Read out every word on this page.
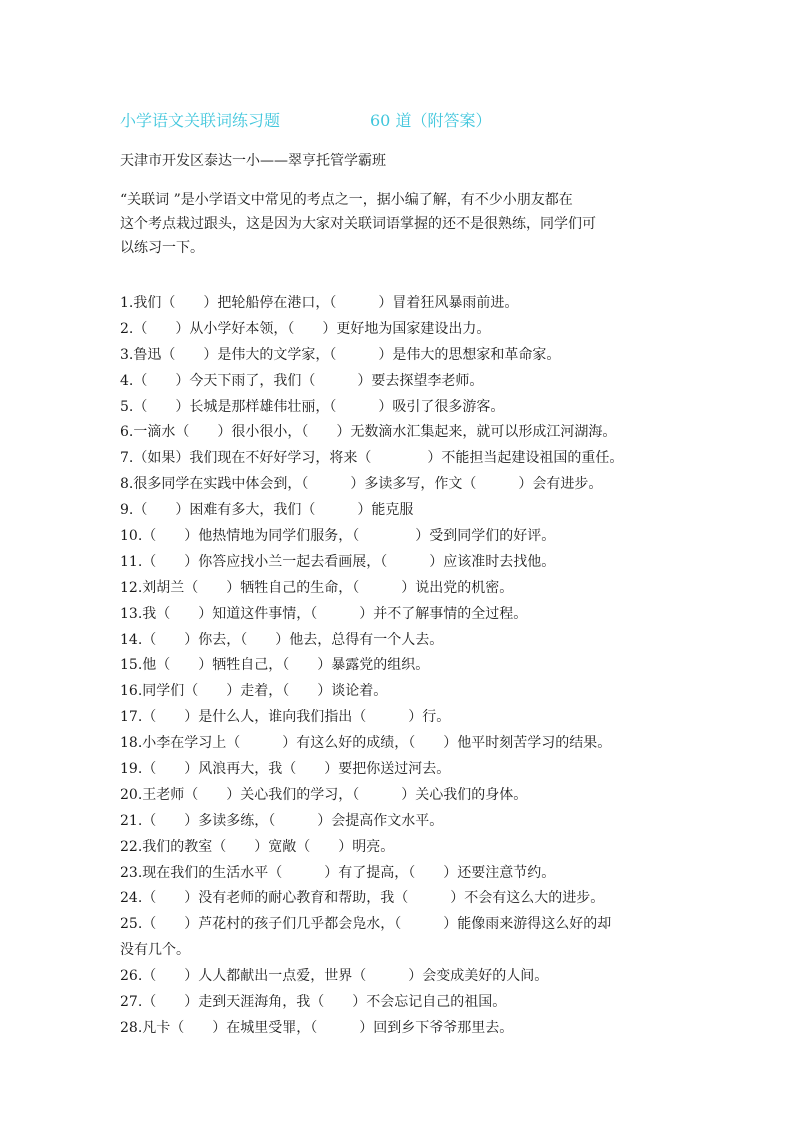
小学语文关联词练习题	60 道（附答案）
天津市开发区泰达一小——翠亨托管学霸班

“关联词 ”是小学语文中常见的考点之一，据小编了解，有不少小朋友都在

这个考点栽过跟头，这是因为大家对关联词语掌握的还不是很熟练，同学们可

以练习一下。

1.我们（　　）把轮船停在港口，（　　　）冒着狂风暴雨前进。
2.（　　）从小学好本领，（　　）更好地为国家建设出力。
3.鲁迅（　　）是伟大的文学家，（　　　）是伟大的思想家和革命家。
4.（　　）今天下雨了，我们（　　　）要去探望李老师。
5.（　　）长城是那样雄伟壮丽，（　　　）吸引了很多游客。
6.一滴水（　　）很小很小，（　　）无数滴水汇集起来，就可以形成江河湖海。
7.（如果）我们现在不好好学习，将来（　　　　）不能担当起建设祖国的重任。
8.很多同学在实践中体会到，（　　　）多读多写，作文（　　　）会有进步。
9.（　　）困难有多大，我们（　　　）能克服
10.（　　）他热情地为同学们服务，（　　　　）受到同学们的好评。
11.（　　）你答应找小兰一起去看画展，（　　　）应该准时去找他。
12.刘胡兰（　　）牺牲自己的生命，（　　　）说出党的机密。
13.我（　　）知道这件事情，（　　　）并不了解事情的全过程。
14.（　　）你去，（　　）他去，总得有一个人去。
15.他（　　）牺牲自己，（　　）暴露党的组织。
16.同学们（　　）走着，（　　）谈论着。
17.（　　）是什么人，谁向我们指出（　　　）行。
18.小李在学习上（　　　）有这么好的成绩，（　　）他平时刻苦学习的结果。
19.（　　）风浪再大，我（　　）要把你送过河去。
20.王老师（　　）关心我们的学习，（　　　）关心我们的身体。
21.（　　）多读多练，（　　　）会提高作文水平。
22.我们的教室（　　）宽敞（　　）明亮。
23.现在我们的生活水平（　　　）有了提高，（　　）还要注意节约。
24.（　　）没有老师的耐心教育和帮助，我（　　　）不会有这么大的进步。
25.（　　）芦花村的孩子们几乎都会凫水，（　　　）能像雨来游得这么好的却
没有几个。
26.（　　）人人都献出一点爱，世界（　　　）会变成美好的人间。
27.（　　）走到天涯海角，我（　　）不会忘记自己的祖国。
28.凡卡（　　）在城里受罪，（　　　）回到乡下爷爷那里去。
